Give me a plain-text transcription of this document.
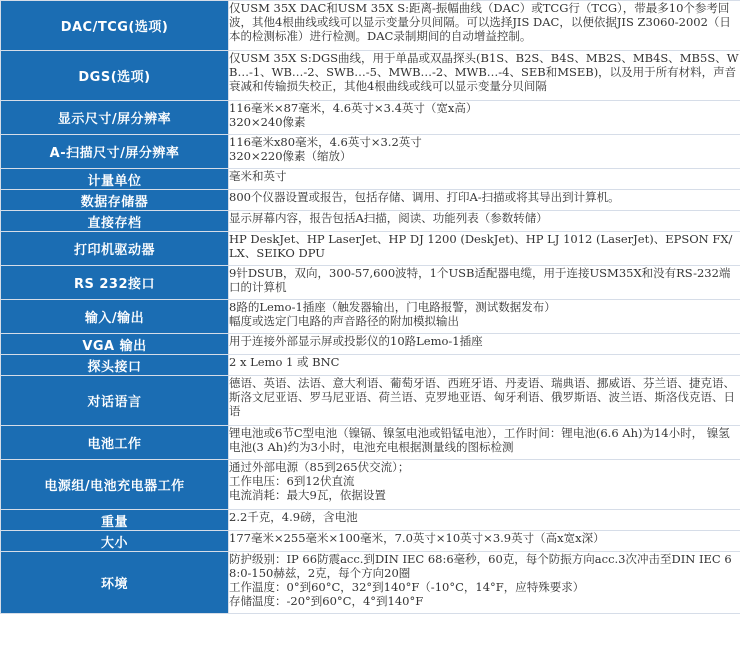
DAC/TCG(选项)	仅USM 35X DAC和USM 35X S:距离-振幅曲线（DAC）或TCG行（TCG），带最多10个参考回波，其他4根曲线或线可以显示变量分贝间隔。可以选择JIS DAC，以便依据JIS Z3060-2002（日本的检测标准）进行检测。DAC录制期间的自动增益控制。
DGS(选项)	仅USM 35X S:DGS曲线，用于单晶或双晶探头(B1S、B2S、B4S、MB2S、MB4S、MB5S、WB…-1、WB…-2、SWB…-5、MWB…-2、MWB…-4、SEB和MSEB)，以及用于所有材料，声音衰减和传输损失校正，其他4根曲线或线可以显示变量分贝间隔
显示尺寸/屏分辨率	116毫米×87毫米，4.6英寸×3.4英寸（宽x高）
320×240像素
A-扫描尺寸/屏分辨率	116毫米x80毫米，4.6英寸×3.2英寸
320×220像素（缩放）
计量单位	毫米和英寸
数据存储器	800个仪器设置或报告，包括存储、调用、打印A-扫描或将其导出到计算机。
直接存档	显示屏幕内容，报告包括A扫描，阅读、功能列表（参数转储）
打印机驱动器	HP DeskJet、HP LaserJet、HP DJ 1200 (DeskJet)、HP LJ 1012 (LaserJet)、EPSON FX/LX、SEIKO DPU
RS 232接口	9针DSUB，双向，300-57,600波特，1个USB适配器电缆，用于连接USM35X和没有RS-232端口的计算机
输入/输出	8路的Lemo-1插座（触发器输出，门电路报警，测试数据发布）
幅度或选定门电路的声音路径的附加模拟输出
VGA 输出	用于连接外部显示屏或投影仪的10路Lemo-1插座
探头接口	2 x Lemo 1 或 BNC
对话语言	德语、英语、法语、意大利语、葡萄牙语、西班牙语、丹麦语、瑞典语、挪威语、芬兰语、捷克语、斯洛文尼亚语、罗马尼亚语、荷兰语、克罗地亚语、匈牙利语、俄罗斯语、波兰语、斯洛伐克语、日语
电池工作	锂电池或6节C型电池（镍镉、镍氢电池或铅锰电池），工作时间：锂电池(6.6 Ah)为14小时， 镍氢电池(3 Ah)约为3小时，电池充电根据测量线的图标检测
电源组/电池充电器工作	通过外部电源（85到265伏交流）；
工作电压：6到12伏直流
电流消耗：最大9瓦，依据设置
重量	2.2千克，4.9磅，含电池
大小	177毫米×255毫米×100毫米，7.0英寸×10英寸×3.9英寸（高x宽x深）
环境	防护级别：IP 66防震acc.到DIN IEC 68:6毫秒，60克，每个防振方向acc.3次冲击至DIN IEC 68:0-150赫兹，2克，每个方向20圈
工作温度：0°到60°C，32°到140°F（-10°C，14°F，应特殊要求）
存储温度：-20°到60°C，4°到140°F
